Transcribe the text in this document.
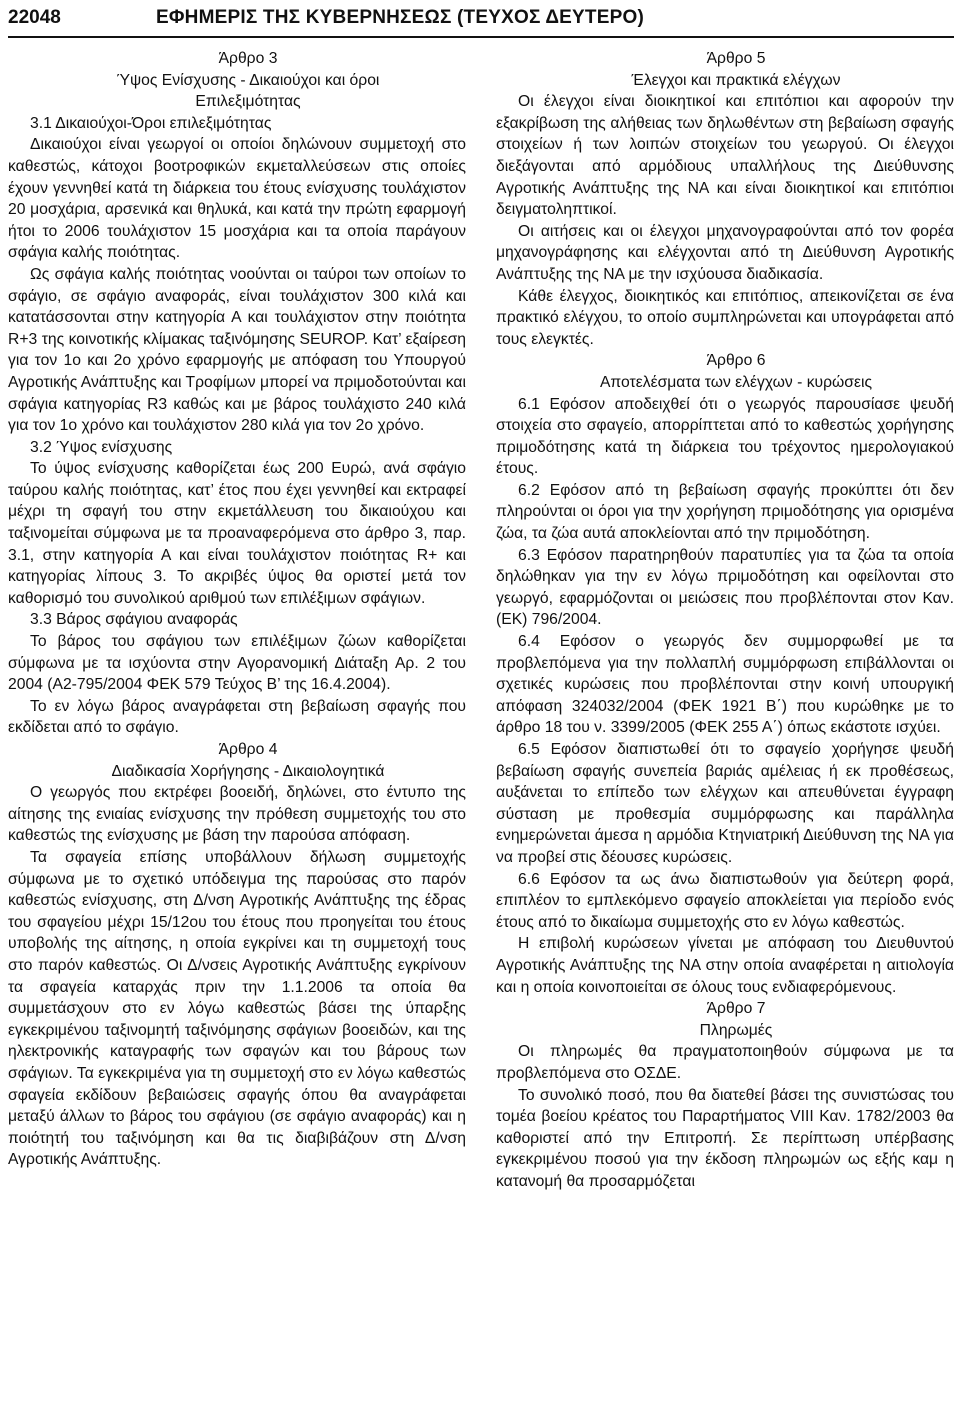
22048	ΕΦΗΜΕΡΙΣ ΤΗΣ ΚΥΒΕΡΝΗΣΕΩΣ (ΤΕΥΧΟΣ ΔΕΥΤΕΡΟ)

Άρθρο 3

Ύψος Ενίσχυσης - Δικαιούχοι και όροι

Επιλεξιμότητας

3.1 Δικαιούχοι-Όροι επιλεξιμότητας

Δικαιούχοι είναι γεωργοί οι οποίοι δηλώνουν συμμετοχή στο καθεστώς, κάτοχοι βοοτροφικών εκμεταλλεύσεων στις οποίες έχουν γεννηθεί κατά τη διάρκεια του έτους ενίσχυσης τουλάχιστον 20 μοσχάρια, αρσενικά και θηλυκά, και κατά την πρώτη εφαρμογή ήτοι το 2006 τουλάχιστον 15 μοσχάρια και τα οποία παράγουν σφάγια καλής ποιότητας.

Ως σφάγια καλής ποιότητας νοούνται οι ταύροι των οποίων το σφάγιο, σε σφάγιο αναφοράς, είναι τουλάχιστον 300 κιλά και κατατάσσονται στην κατηγορία Α και τουλάχιστον στην ποιότητα R+3 της κοινοτικής κλίμακας ταξινόμησης SEUROP. Κατ’ εξαίρεση για τον 1ο και 2ο χρόνο εφαρμογής με απόφαση του Υπουργού Αγροτικής Ανάπτυξης και Τροφίμων μπορεί να πριμοδοτούνται και σφάγια κατηγορίας R3 καθώς και με βάρος τουλάχιστο 240 κιλά για τον 1ο χρόνο και τουλάχιστον 280 κιλά για τον 2ο χρόνο.

3.2 Ύψος ενίσχυσης

Το ύψος ενίσχυσης καθορίζεται έως 200 Ευρώ, ανά σφάγιο ταύρου καλής ποιότητας, κατ’ έτος που έχει γεννηθεί και εκτραφεί μέχρι τη σφαγή του στην εκμετάλλευση του δικαιούχου και ταξινομείται σύμφωνα με τα προαναφερόμενα στο άρθρο 3, παρ. 3.1, στην κατηγορία Α και είναι τουλάχιστον ποιότητας R+ και κατηγορίας λίπους 3. Το ακριβές ύψος θα οριστεί μετά τον καθορισμό του συνολικού αριθμού των επιλέξιμων σφάγιων.

3.3 Βάρος σφάγιου αναφοράς

Το βάρος του σφάγιου των επιλέξιμων ζώων καθορίζεται σύμφωνα με τα ισχύοντα στην Αγορανομική Διάταξη Αρ. 2 του 2004 (Α2-795/2004 ΦΕΚ 579 Τεύχος Β’ της 16.4.2004).

Το εν λόγω βάρος αναγράφεται στη βεβαίωση σφαγής που εκδίδεται από το σφάγιο.

Άρθρο 4

Διαδικασία Χορήγησης - Δικαιολογητικά

Ο γεωργός που εκτρέφει βοοειδή, δηλώνει, στο έντυπο της αίτησης της ενιαίας ενίσχυσης την πρόθεση συμμετοχής του στο καθεστώς της ενίσχυσης με βάση την παρούσα απόφαση.

Τα σφαγεία επίσης υποβάλλουν δήλωση συμμετοχής σύμφωνα με το σχετικό υπόδειγμα της παρούσας στο παρόν καθεστώς ενίσχυσης, στη Δ/νση Αγροτικής Ανάπτυξης της έδρας του σφαγείου μέχρι 15/12ου του έτους που προηγείται του έτους υποβολής της αίτησης, η οποία εγκρίνει και τη συμμετοχή τους στο παρόν καθεστώς. Οι Δ/νσεις Αγροτικής Ανάπτυξης εγκρίνουν τα σφαγεία καταρχάς πριν την 1.1.2006 τα οποία θα συμμετάσχουν στο εν λόγω καθεστώς βάσει της ύπαρξης εγκεκριμένου ταξινομητή ταξινόμησης σφάγιων βοοειδών, και της ηλεκτρονικής καταγραφής των σφαγών και του βάρους των σφάγιων. Τα εγκεκριμένα για τη συμμετοχή στο εν λόγω καθεστώς σφαγεία εκδίδουν βεβαιώσεις σφαγής όπου θα αναγράφεται μεταξύ άλλων το βάρος του σφάγιου (σε σφάγιο αναφοράς) και η ποιότητή του ταξινόμηση και θα τις διαβιβάζουν στη Δ/νση Αγροτικής Ανάπτυξης.

Άρθρο 5

Έλεγχοι και πρακτικά ελέγχων

Οι έλεγχοι είναι διοικητικοί και επιτόπιοι και αφορούν την εξακρίβωση της αλήθειας των δηλωθέντων στη βεβαίωση σφαγής στοιχείων ή των λοιπών στοιχείων του γεωργού. Οι έλεγχοι διεξάγονται από αρμόδιους υπαλλήλους της Διεύθυνσης Αγροτικής Ανάπτυξης της ΝΑ και είναι διοικητικοί και επιτόπιοι δειγματοληπτικοί.

Οι αιτήσεις και οι έλεγχοι μηχανογραφούνται από τον φορέα μηχανογράφησης και ελέγχονται από τη Διεύθυνση Αγροτικής Ανάπτυξης της ΝΑ με την ισχύουσα διαδικασία.

Κάθε έλεγχος, διοικητικός και επιτόπιος, απεικονίζεται σε ένα πρακτικό ελέγχου, το οποίο συμπληρώνεται και υπογράφεται από τους ελεγκτές.

Άρθρο 6

Αποτελέσματα των ελέγχων - κυρώσεις

6.1 Εφόσον αποδειχθεί ότι ο γεωργός παρουσίασε ψευδή στοιχεία στο σφαγείο, απορρίπτεται από το καθεστώς χορήγησης πριμοδότησης κατά τη διάρκεια του τρέχοντος ημερολογιακού έτους.

6.2 Εφόσον από τη βεβαίωση σφαγής προκύπτει ότι δεν πληρούνται οι όροι για την χορήγηση πριμοδότησης για ορισμένα ζώα, τα ζώα αυτά αποκλείονται από την πριμοδότηση.

6.3 Εφόσον παρατηρηθούν παρατυπίες για τα ζώα τα οποία δηλώθηκαν για την εν λόγω πριμοδότηση και οφείλονται στο γεωργό, εφαρμόζονται οι μειώσεις που προβλέπονται στον Καν. (ΕΚ) 796/2004.

6.4 Εφόσον ο γεωργός δεν συμμορφωθεί με τα προβλεπόμενα για την πολλαπλή συμμόρφωση επιβάλλονται οι σχετικές κυρώσεις που προβλέπονται στην κοινή υπουργική απόφαση 324032/2004 (ΦΕΚ 1921 Β΄) που κυρώθηκε με το άρθρο 18 του ν. 3399/2005 (ΦΕΚ 255 Α΄) όπως εκάστοτε ισχύει.

6.5 Εφόσον διαπιστωθεί ότι το σφαγείο χορήγησε ψευδή βεβαίωση σφαγής συνεπεία βαριάς αμέλειας ή εκ προθέσεως, αυξάνεται το επίπεδο των ελέγχων και απευθύνεται έγγραφη σύσταση με προθεσμία συμμόρφωσης και παράλληλα ενημερώνεται άμεσα η αρμόδια Κτηνιατρική Διεύθυνση της ΝΑ για να προβεί στις δέουσες κυρώσεις.

6.6 Εφόσον τα ως άνω διαπιστωθούν για δεύτερη φορά, επιπλέον το εμπλεκόμενο σφαγείο αποκλείεται για περίοδο ενός έτους από το δικαίωμα συμμετοχής στο εν λόγω καθεστώς.

Η επιβολή κυρώσεων γίνεται με απόφαση του Διευθυντού Αγροτικής Ανάπτυξης της ΝΑ στην οποία αναφέρεται η αιτιολογία και η οποία κοινοποιείται σε όλους τους ενδιαφερόμενους.

Άρθρο 7

Πληρωμές

Οι πληρωμές θα πραγματοποιηθούν σύμφωνα με τα προβλεπόμενα στο ΟΣΔΕ.

Το συνολικό ποσό, που θα διατεθεί βάσει της συνιστώσας του τομέα βοείου κρέατος του Παραρτήματος VIII Καν. 1782/2003 θα καθοριστεί από την Επιτροπή. Σε περίπτωση υπέρβασης εγκεκριμένου ποσού για την έκδοση πληρωμών ως εξής καμ η κατανομή θα προσαρμόζεται
